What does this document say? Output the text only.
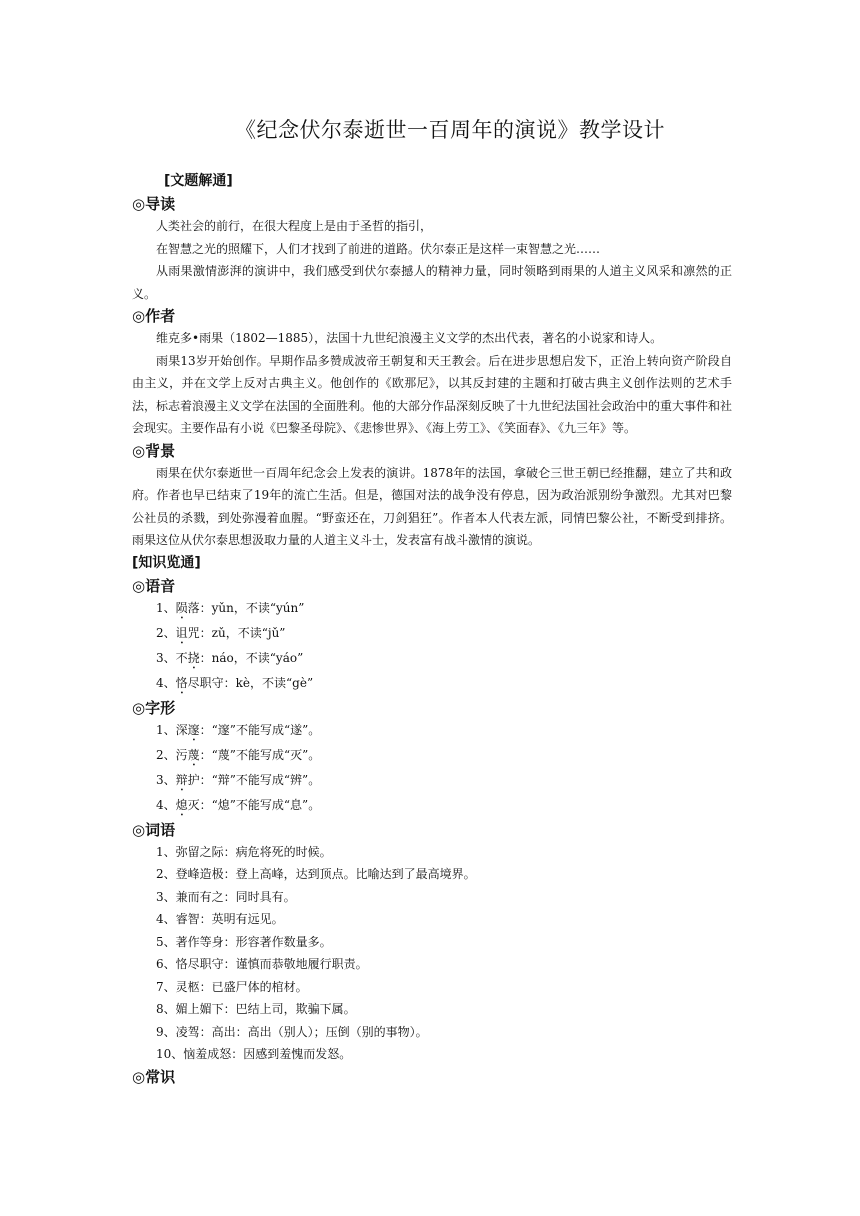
《纪念伏尔泰逝世一百周年的演说》教学设计
[文题解通]
◎导读
人类社会的前行，在很大程度上是由于圣哲的指引，
在智慧之光的照耀下，人们才找到了前进的道路。伏尔泰正是这样一束智慧之光……
从雨果激情澎湃的演讲中，我们感受到伏尔泰撼人的精神力量，同时领略到雨果的人道主义风采和凛然的正义。
◎作者
维克多•雨果（1802—1885），法国十九世纪浪漫主义文学的杰出代表，著名的小说家和诗人。
雨果13岁开始创作。早期作品多赞成波帝王朝复和天王教会。后在进步思想启发下，正治上转向资产阶段自由主义，并在文学上反对古典主义。他创作的《欧那尼》，以其反封建的主题和打破古典主义创作法则的艺术手法，标志着浪漫主义文学在法国的全面胜利。他的大部分作品深刻反映了十九世纪法国社会政治中的重大事件和社会现实。主要作品有小说《巴黎圣母院》、《悲惨世界》、《海上劳工》、《笑面春》、《九三年》等。
◎背景
雨果在伏尔泰逝世一百周年纪念会上发表的演讲。1878年的法国，拿破仑三世王朝已经推翻，建立了共和政府。作者也早已结束了19年的流亡生活。但是，德国对法的战争没有停息，因为政治派别纷争激烈。尤其对巴黎公社员的杀戮，到处弥漫着血腥。“野蛮还在，刀剑猖狂”。作者本人代表左派，同情巴黎公社，不断受到排挤。雨果这位从伏尔泰思想汲取力量的人道主义斗士，发表富有战斗激情的演说。
[知识览通]
◎语音
1、陨落：yǔn，不读“yún”
2、诅咒：zǔ，不读“jǔ”
3、不挠：náo，不读“yáo”
4、恪尽职守：kè，不读“gè”
◎字形
1、深邃：“邃”不能写成“遂”。
2、污蔑：“蔑”不能写成“灭”。
3、辩护：“辩”不能写成“辨”。
4、熄灭：“熄”不能写成“息”。
◎词语
1、弥留之际：病危将死的时候。
2、登峰造极：登上高峰，达到顶点。比喻达到了最高境界。
3、兼而有之：同时具有。
4、睿智：英明有远见。
5、著作等身：形容著作数量多。
6、恪尽职守：谨慎而恭敬地履行职责。
7、灵柩：已盛尸体的棺材。
8、媚上媚下：巴结上司，欺骗下属。
9、凌驾：高出：高出（别人）；压倒（别的事物）。
10、恼羞成怒：因感到羞愧而发怒。
◎常识
